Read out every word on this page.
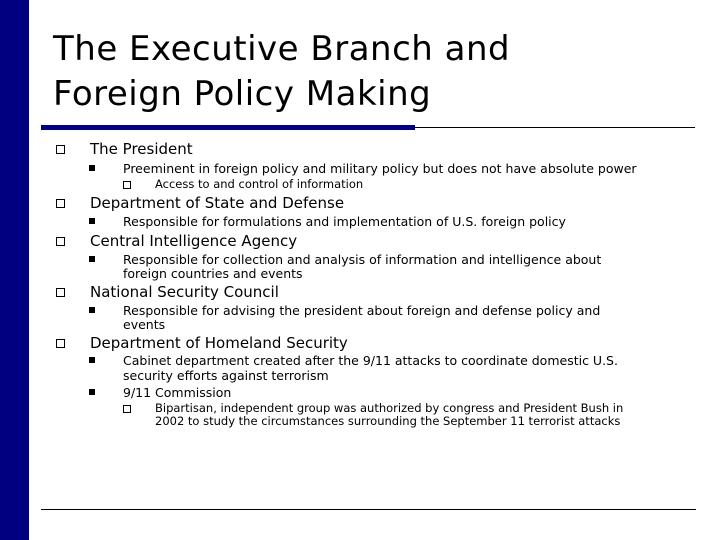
The Executive Branch and
Foreign Policy Making
The President
Preeminent in foreign policy and military policy but does not have absolute power
Access to and control of information
Department of State and Defense
Responsible for formulations and implementation of U.S. foreign policy
Central Intelligence Agency
Responsible for collection and analysis of information and intelligence about
foreign countries and events
National Security Council
Responsible for advising the president about foreign and defense policy and
events
Department of Homeland Security
Cabinet department created after the 9/11 attacks to coordinate domestic U.S.
security efforts against terrorism
9/11 Commission
Bipartisan, independent group was authorized by congress and President Bush in
2002 to study the circumstances surrounding the September 11 terrorist attacks
